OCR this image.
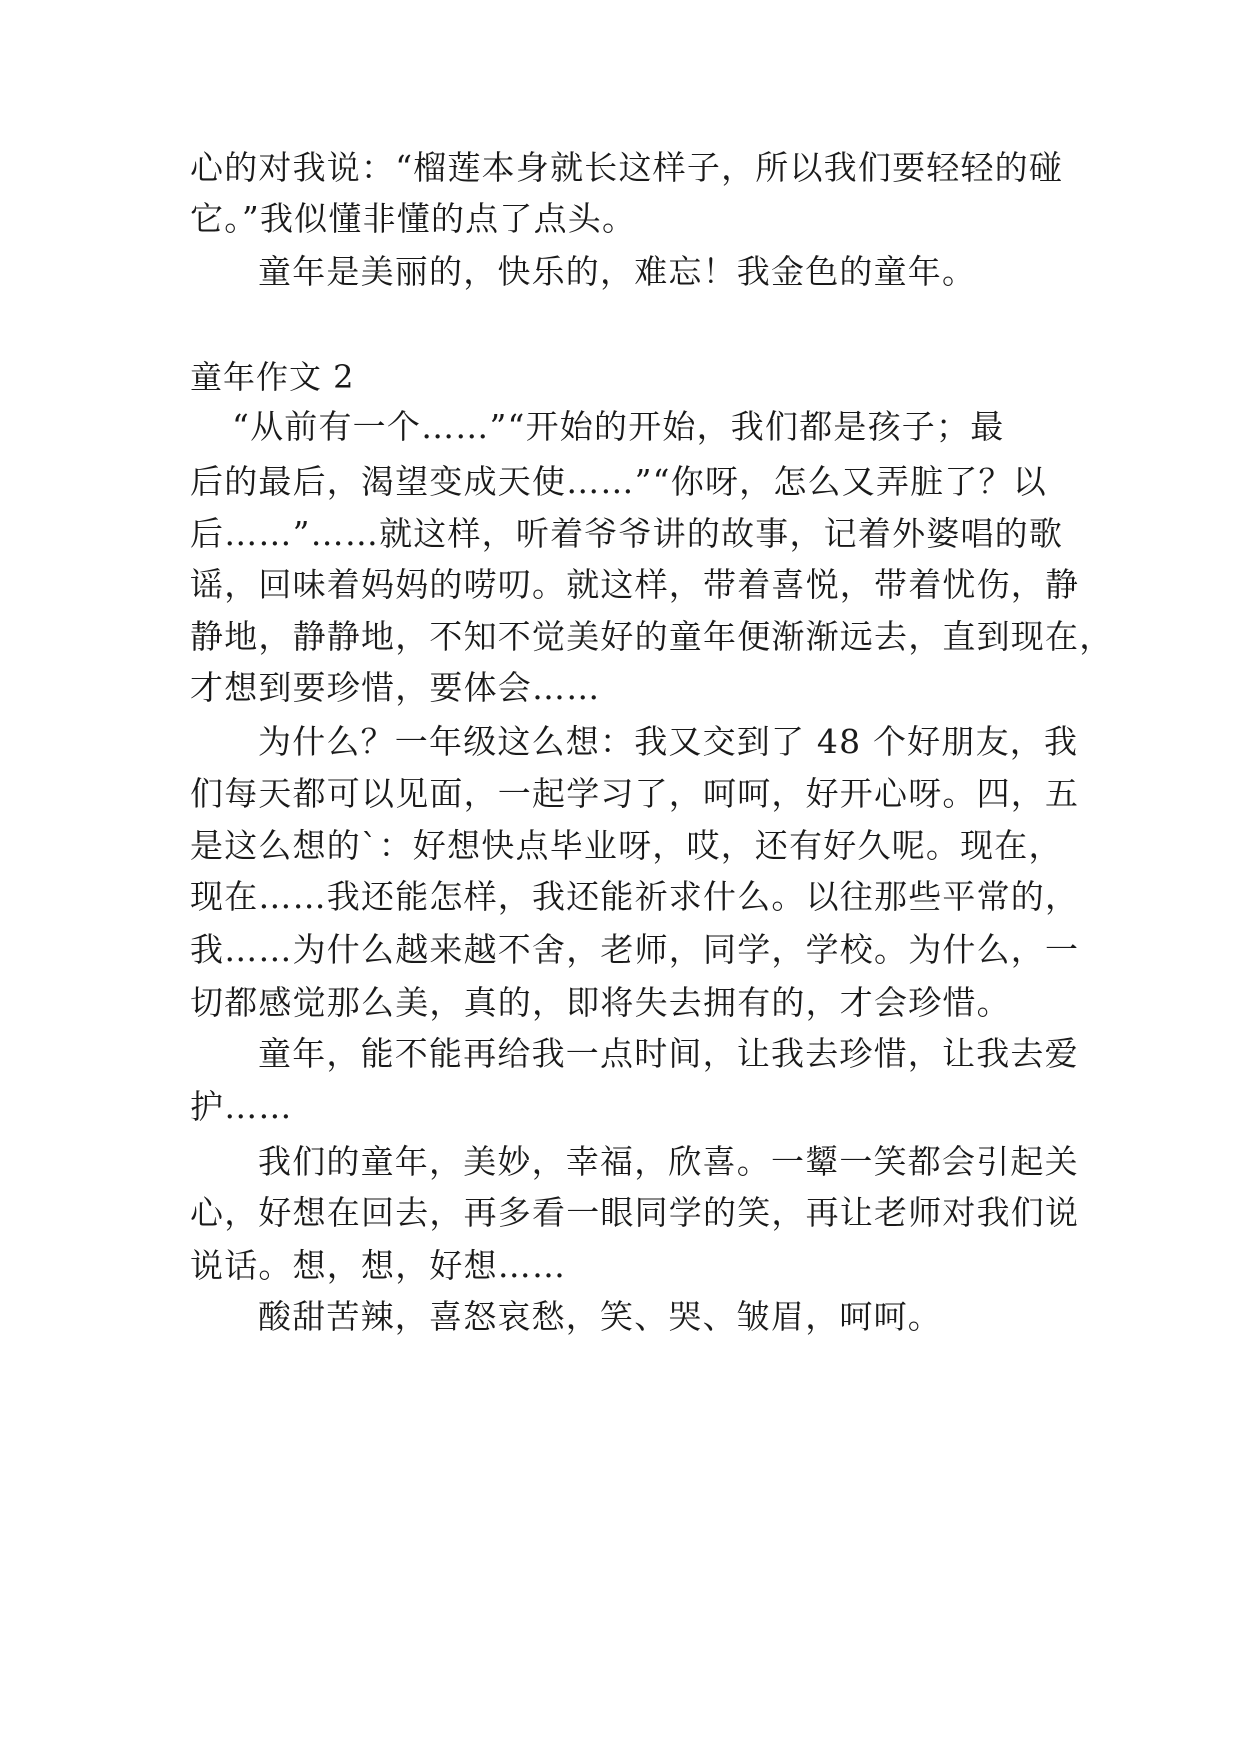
心的对我说：“榴莲本身就长这样子，所以我们要轻轻的碰
它。”我似懂非懂的点了点头。
童年是美丽的，快乐的，难忘！我金色的童年。
童年作文 2
“从前有一个……”“开始的开始，我们都是孩子；最
后的最后，渴望变成天使……”“你呀，怎么又弄脏了？以
后……”……就这样，听着爷爷讲的故事，记着外婆唱的歌
谣，回味着妈妈的唠叨。就这样，带着喜悦，带着忧伤，静
静地，静静地，不知不觉美好的童年便渐渐远去，直到现在，
才想到要珍惜，要体会……
为什么？一年级这么想：我又交到了 48 个好朋友，我
们每天都可以见面，一起学习了，呵呵，好开心呀。四，五
是这么想的`：好想快点毕业呀，哎，还有好久呢。现在，
现在……我还能怎样，我还能祈求什么。以往那些平常的，
我……为什么越来越不舍，老师，同学，学校。为什么，一
切都感觉那么美，真的，即将失去拥有的，才会珍惜。
童年，能不能再给我一点时间，让我去珍惜，让我去爱
护……
我们的童年，美妙，幸福，欣喜。一颦一笑都会引起关
心，好想在回去，再多看一眼同学的笑，再让老师对我们说
说话。想，想，好想……
酸甜苦辣，喜怒哀愁，笑、哭、皱眉，呵呵。
